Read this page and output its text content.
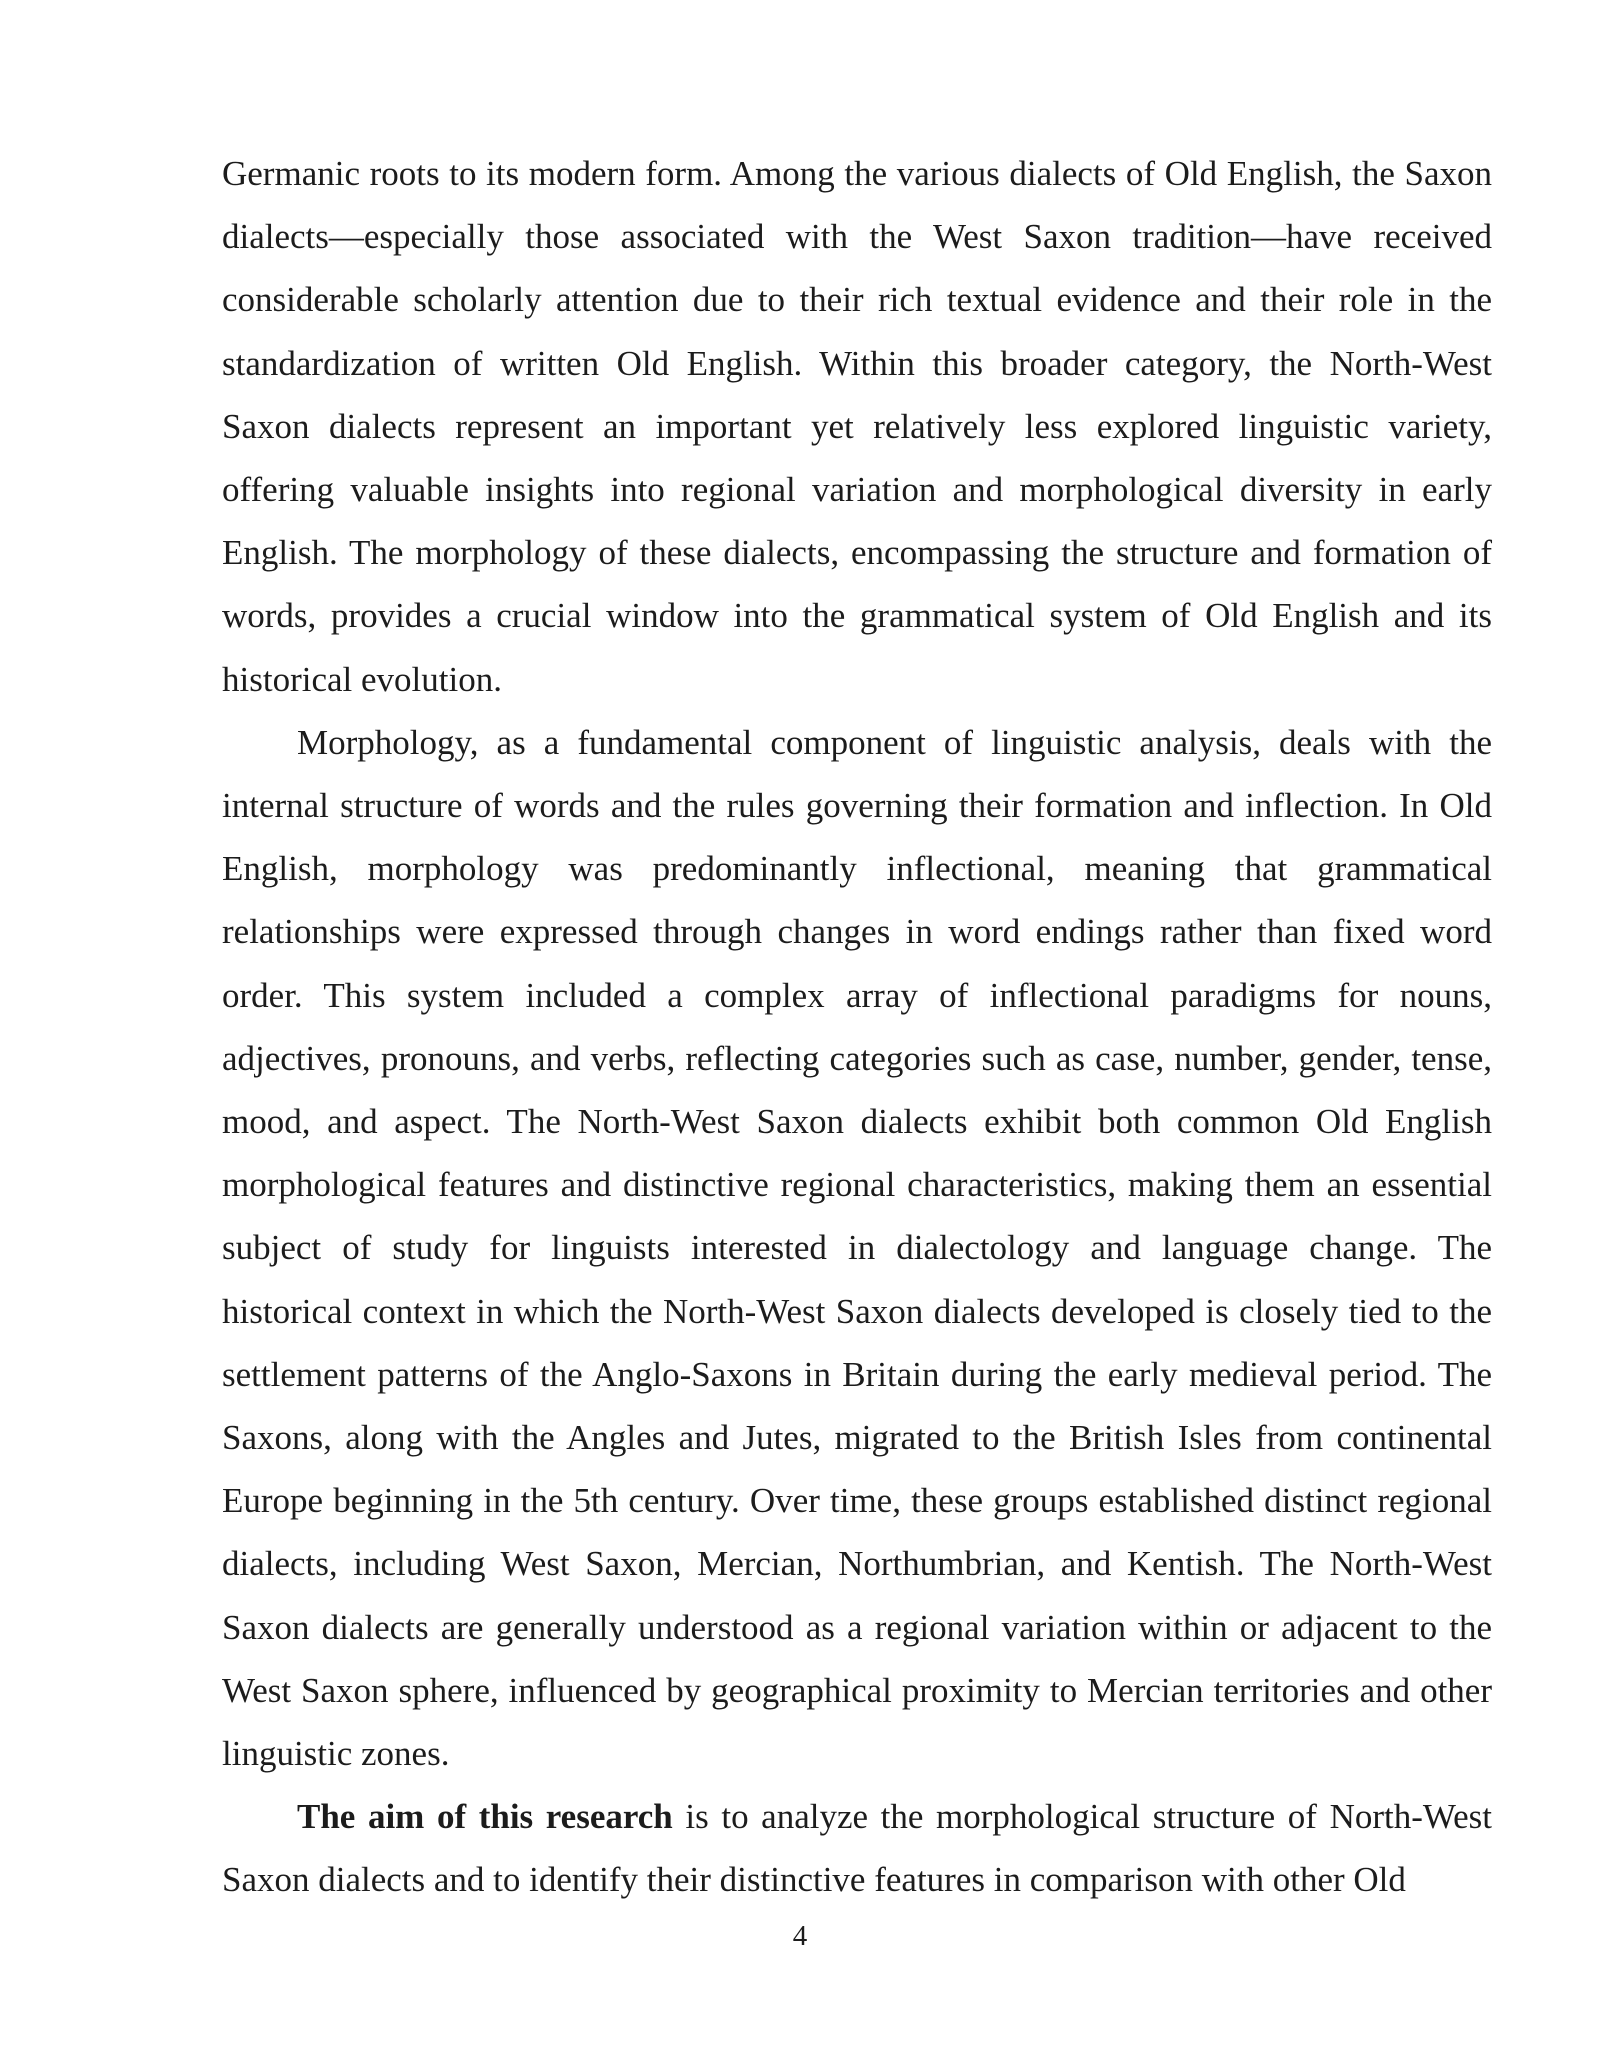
Germanic roots to its modern form. Among the various dialects of Old English, the Saxon dialects—especially those associated with the West Saxon tradition—have received considerable scholarly attention due to their rich textual evidence and their role in the standardization of written Old English. Within this broader category, the North-West Saxon dialects represent an important yet relatively less explored linguistic variety, offering valuable insights into regional variation and morphological diversity in early English. The morphology of these dialects, encompassing the structure and formation of words, provides a crucial window into the grammatical system of Old English and its historical evolution.

Morphology, as a fundamental component of linguistic analysis, deals with the internal structure of words and the rules governing their formation and inflection. In Old English, morphology was predominantly inflectional, meaning that grammatical relationships were expressed through changes in word endings rather than fixed word order. This system included a complex array of inflectional paradigms for nouns, adjectives, pronouns, and verbs, reflecting categories such as case, number, gender, tense, mood, and aspect. The North-West Saxon dialects exhibit both common Old English morphological features and distinctive regional characteristics, making them an essential subject of study for linguists interested in dialectology and language change. The historical context in which the North-West Saxon dialects developed is closely tied to the settlement patterns of the Anglo-Saxons in Britain during the early medieval period. The Saxons, along with the Angles and Jutes, migrated to the British Isles from continental Europe beginning in the 5th century. Over time, these groups established distinct regional dialects, including West Saxon, Mercian, Northumbrian, and Kentish. The North-West Saxon dialects are generally understood as a regional variation within or adjacent to the West Saxon sphere, influenced by geographical proximity to Mercian territories and other linguistic zones.

The aim of this research is to analyze the morphological structure of North-West Saxon dialects and to identify their distinctive features in comparison with other Old

4
